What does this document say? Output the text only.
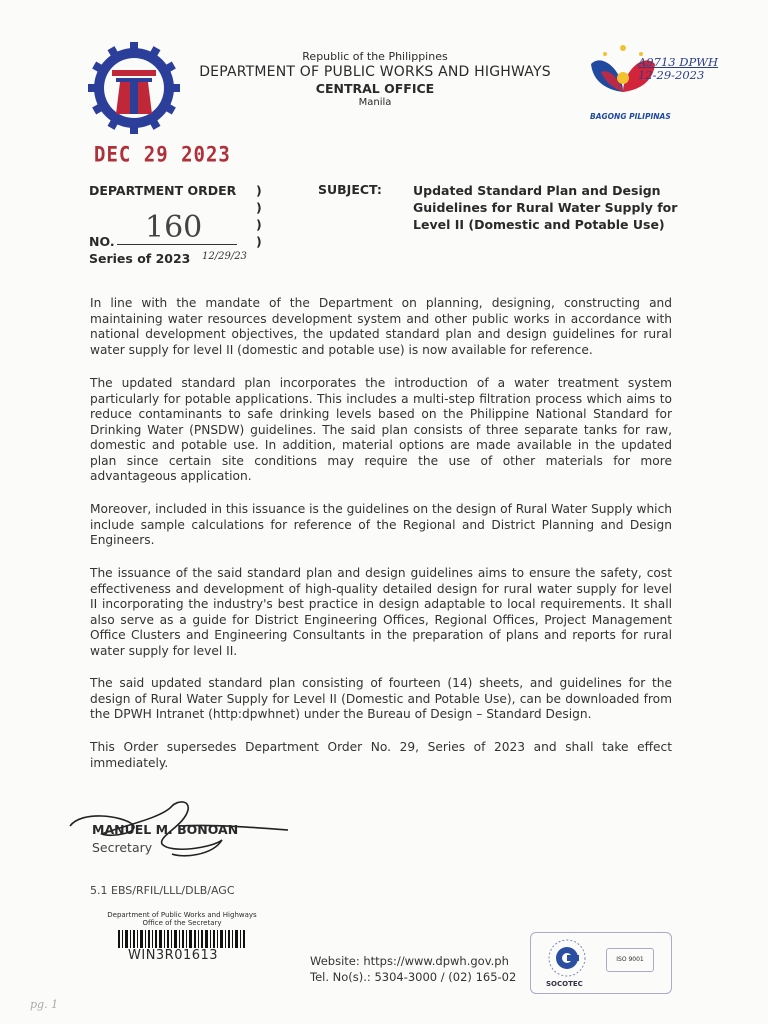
Republic of the Philippines
DEPARTMENT OF PUBLIC WORKS AND HIGHWAYS
CENTRAL OFFICE
Manila
BAGONG PILIPINAS
A9713 DPWH
12-29-2023
DEC 29 2023
DEPARTMENT ORDER
NO.
Series of 2023
)
)
)
)
160
12/29/23
SUBJECT: Updated Standard Plan and Design Guidelines for Rural Water Supply for Level II (Domestic and Potable Use)

In line with the mandate of the Department on planning, designing, constructing and maintaining water resources development system and other public works in accordance with national development objectives, the updated standard plan and design guidelines for rural water supply for level II (domestic and potable use) is now available for reference.

The updated standard plan incorporates the introduction of a water treatment system particularly for potable applications. This includes a multi-step filtration process which aims to reduce contaminants to safe drinking levels based on the Philippine National Standard for Drinking Water (PNSDW) guidelines. The said plan consists of three separate tanks for raw, domestic and potable use. In addition, material options are made available in the updated plan since certain site conditions may require the use of other materials for more advantageous application.

Moreover, included in this issuance is the guidelines on the design of Rural Water Supply which include sample calculations for reference of the Regional and District Planning and Design Engineers.

The issuance of the said standard plan and design guidelines aims to ensure the safety, cost effectiveness and development of high-quality detailed design for rural water supply for level II incorporating the industry's best practice in design adaptable to local requirements. It shall also serve as a guide for District Engineering Offices, Regional Offices, Project Management Office Clusters and Engineering Consultants in the preparation of plans and reports for rural water supply for level II.

The said updated standard plan consisting of fourteen (14) sheets, and guidelines for the design of Rural Water Supply for Level II (Domestic and Potable Use), can be downloaded from the DPWH Intranet (http:dpwhnet) under the Bureau of Design – Standard Design.

This Order supersedes Department Order No. 29, Series of 2023 and shall take effect immediately.

MANUEL M. BONOAN
Secretary
5.1 EBS/RFIL/LLL/DLB/AGC
Department of Public Works and Highways
Office of the Secretary
WIN3R01613	Website: https://www.dpwh.gov.ph
Tel. No(s).: 5304-3000 / (02) 165-02
ISO 9001
SOCOTEC
pg. 1
